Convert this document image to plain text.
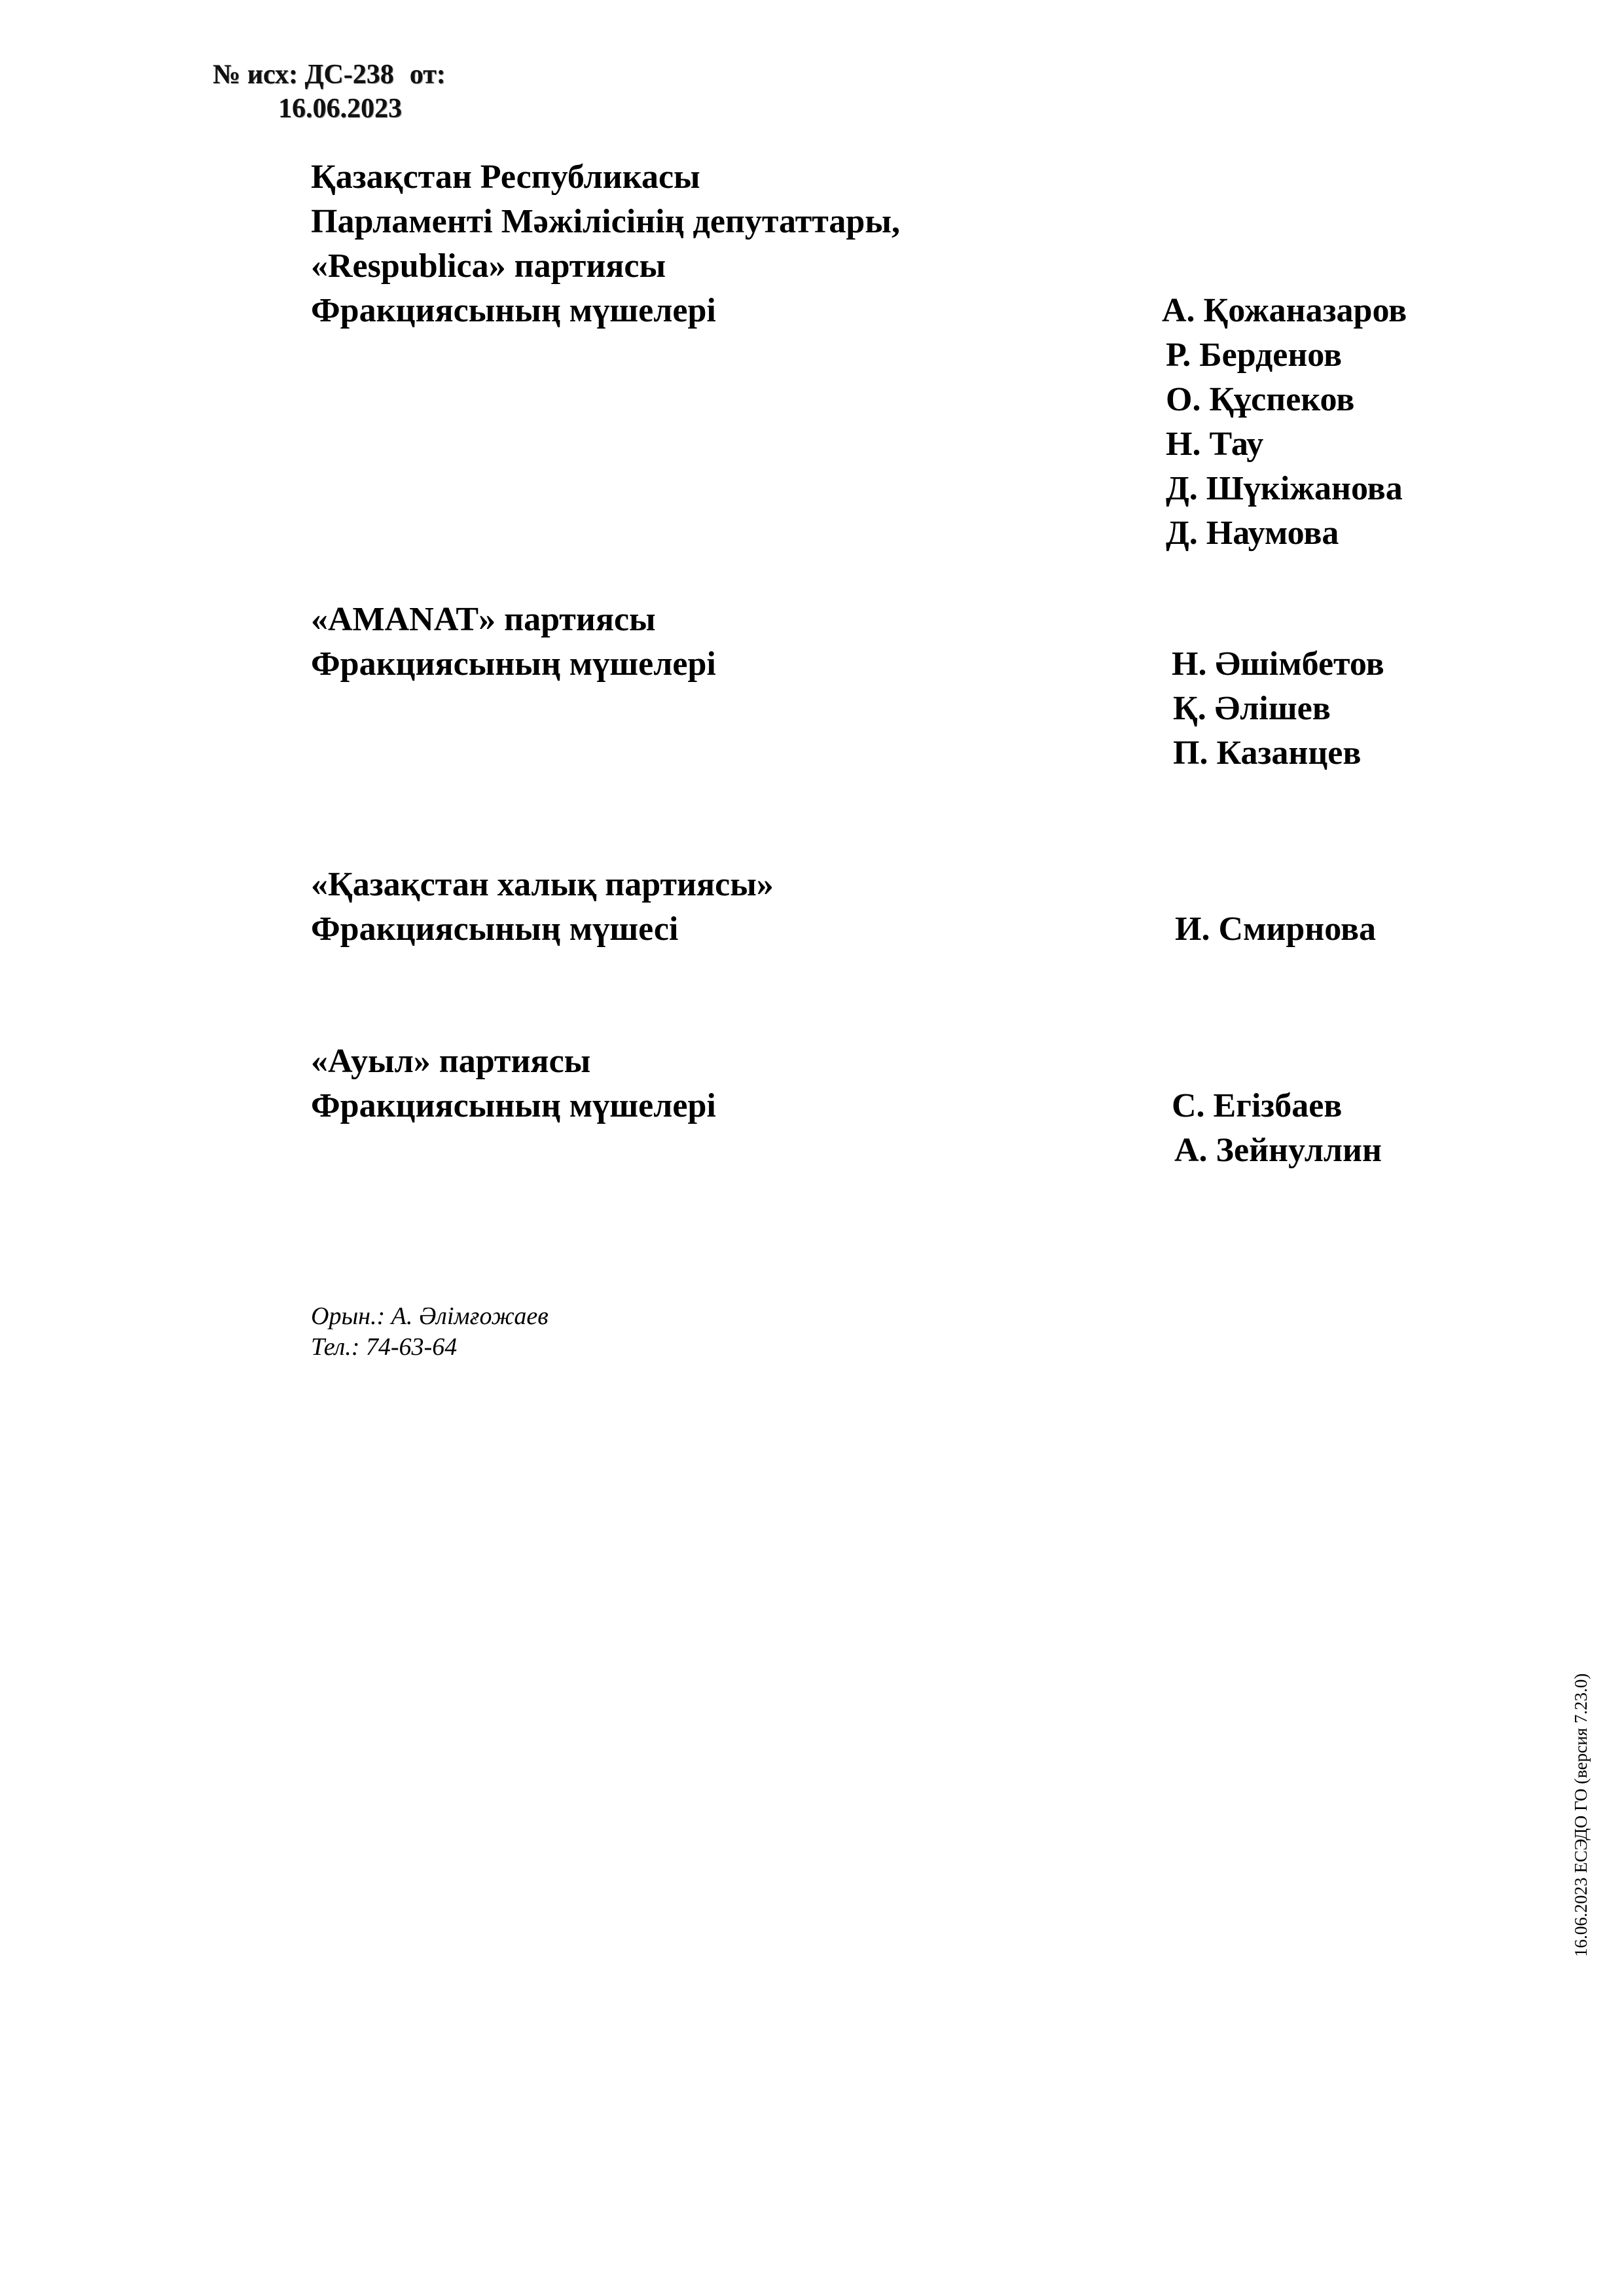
№ исх: ДС-238 от:
16.06.2023
Қазақстан Республикасы
Парламенті Мәжілісінің депутаттары,
«Respublica» партиясы
Фракциясының мүшелері	А. Қожаназаров
Р. Берденов
О. Құспеков
Н. Тау
Д. Шүкіжанова
Д. Наумова
«AMANAT» партиясы
Фракциясының мүшелері	Н. Әшімбетов
Қ. Әлішев
П. Казанцев
«Қазақстан халық партиясы»
Фракциясының мүшесі	И. Смирнова
«Ауыл» партиясы
Фракциясының мүшелері	С. Егізбаев
А. Зейнуллин
Орын.: А. Әлімғожаев
Тел.: 74-63-64
16.06.2023 ЕСЭДО ГО (версия 7.23.0)
